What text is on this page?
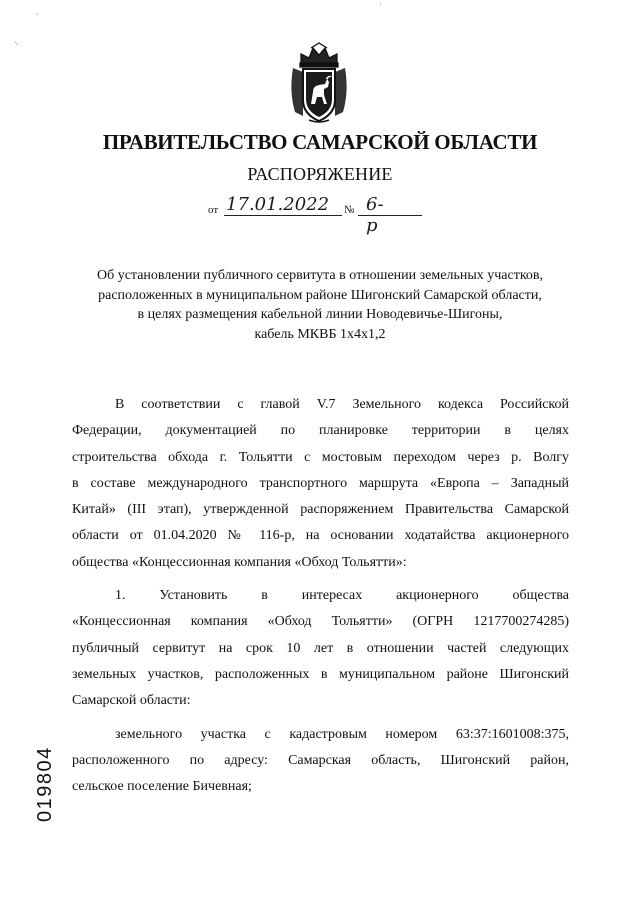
ˋ
⸌
ᶦ
ПРАВИТЕЛЬСТВО САМАРСКОЙ ОБЛАСТИ
РАСПОРЯЖЕНИЕ
от 17.01.2022 № 6-р
Об установлении публичного сервитута в отношении земельных участков,
расположенных в муниципальном районе Шигонский Самарской области,
в целях размещения кабельной линии Новодевичье-Шигоны,
кабель МКВБ 1х4х1,2
В соответствии с главой V.7 Земельного кодекса Российской
Федерации, документацией по планировке территории в целях
строительства обхода г. Тольятти с мостовым переходом через р. Волгу
в составе международного транспортного маршрута «Европа – Западный
Китай» (III этап), утвержденной распоряжением Правительства Самарской
области от 01.04.2020 № 116-р, на основании ходатайства акционерного
общества «Концессионная компания «Обход Тольятти»:
1. Установить в интересах акционерного общества
«Концессионная компания «Обход Тольятти» (ОГРН 1217700274285)
публичный сервитут на срок 10 лет в отношении частей следующих
земельных участков, расположенных в муниципальном районе Шигонский
Самарской области:
земельного участка с кадастровым номером 63:37:1601008:375,
расположенного по адресу: Самарская область, Шигонский район,
сельское поселение Бичевная;
019804
